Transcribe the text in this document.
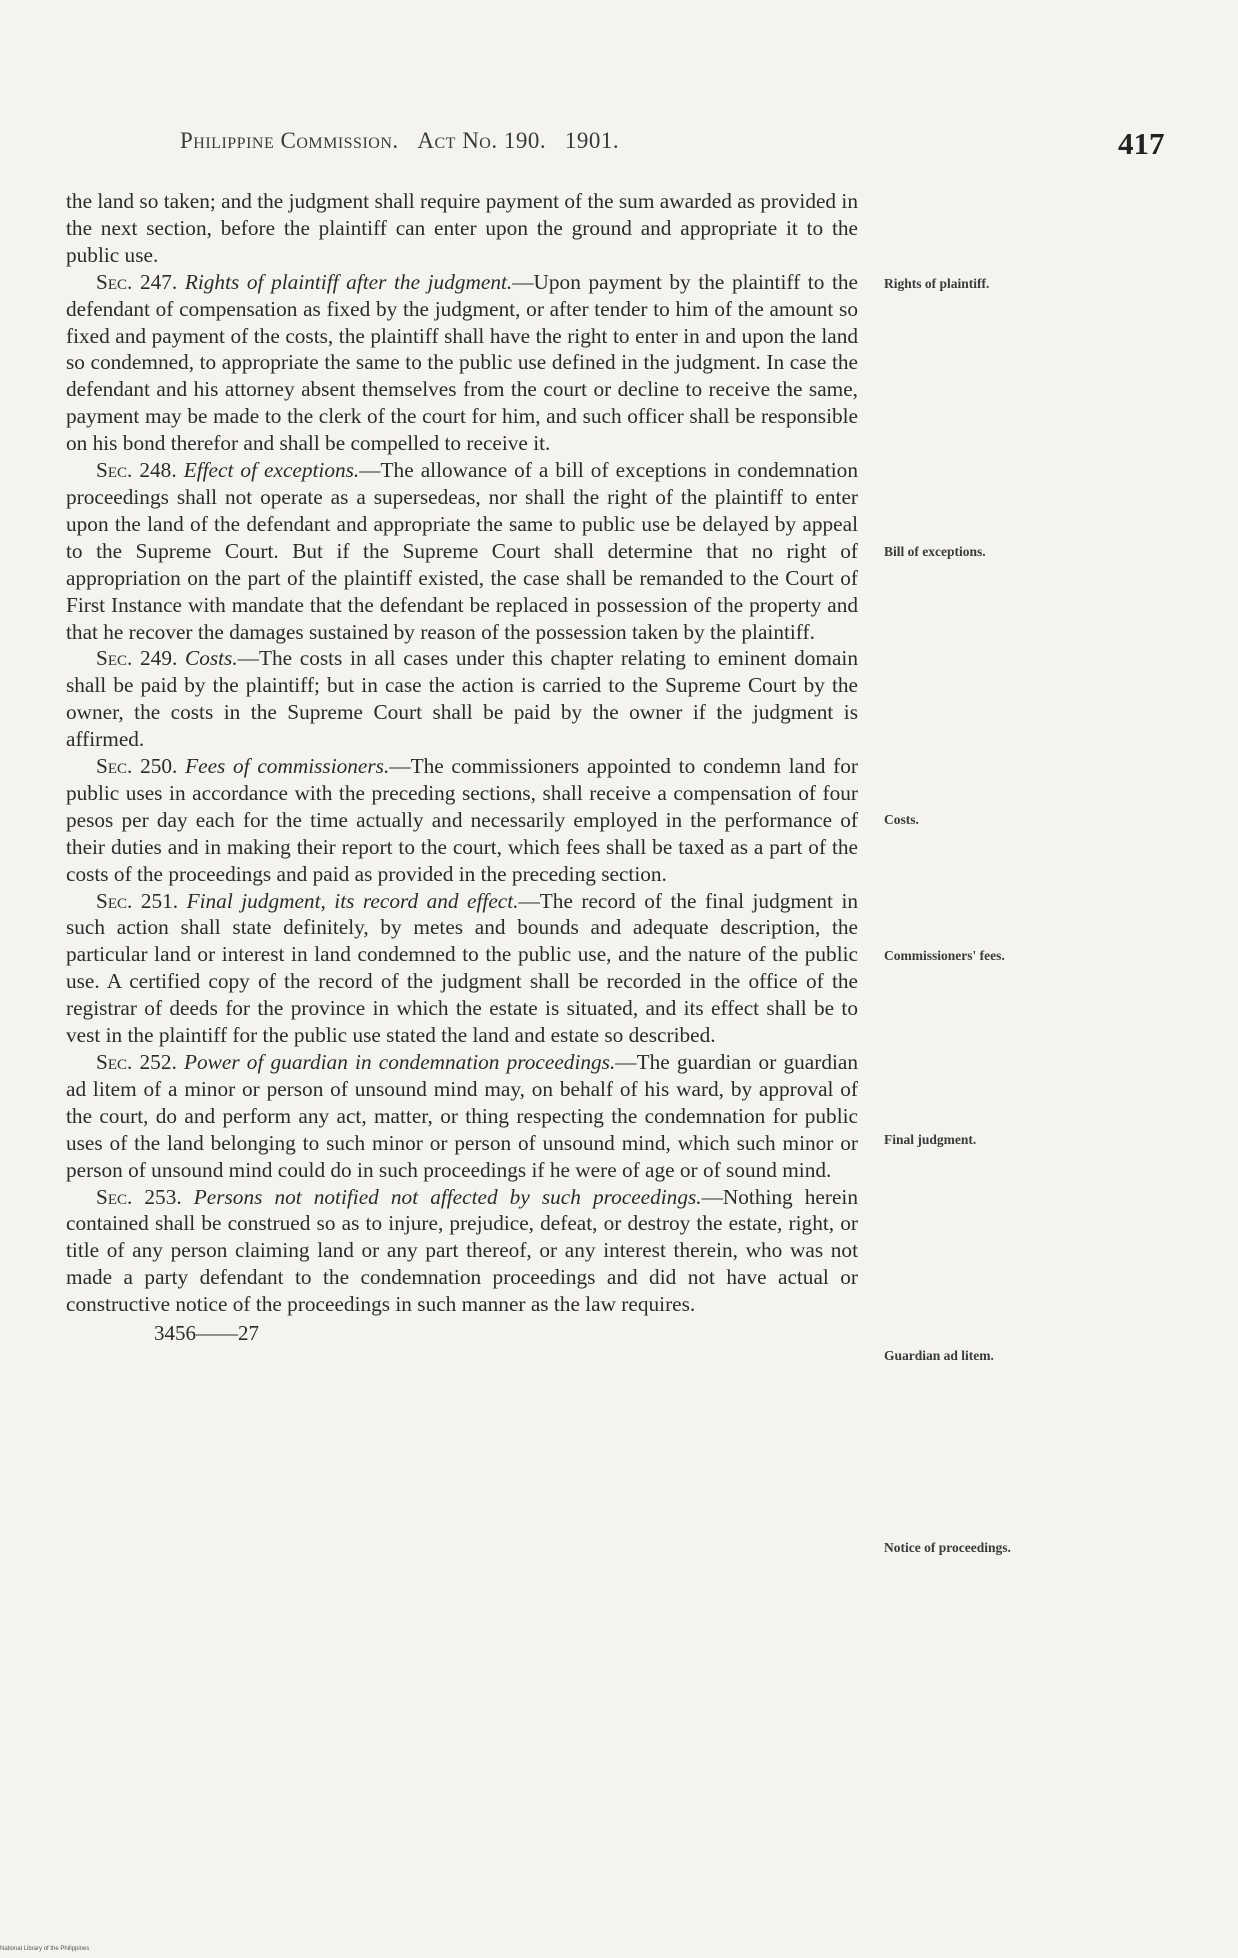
Philippine Commission. Act No. 190. 1901.	417

the land so taken; and the judgment shall require payment of the sum awarded as provided in the next section, before the plaintiff can enter upon the ground and appropriate it to the public use.

Sec. 247. Rights of plaintiff after the judgment.—Upon payment by the plaintiff to the defendant of compensation as fixed by the judgment, or after tender to him of the amount so fixed and payment of the costs, the plaintiff shall have the right to enter in and upon the land so condemned, to appropriate the same to the public use defined in the judgment. In case the defendant and his attorney absent themselves from the court or decline to receive the same, payment may be made to the clerk of the court for him, and such officer shall be responsible on his bond therefor and shall be compelled to receive it.

Sec. 248. Effect of exceptions.—The allowance of a bill of exceptions in condemnation proceedings shall not operate as a supersedeas, nor shall the right of the plaintiff to enter upon the land of the defendant and appropriate the same to public use be delayed by appeal to the Supreme Court. But if the Supreme Court shall determine that no right of appropriation on the part of the plaintiff existed, the case shall be remanded to the Court of First Instance with mandate that the defendant be replaced in possession of the property and that he recover the damages sustained by reason of the possession taken by the plaintiff.

Sec. 249. Costs.—The costs in all cases under this chapter relating to eminent domain shall be paid by the plaintiff; but in case the action is carried to the Supreme Court by the owner, the costs in the Supreme Court shall be paid by the owner if the judgment is affirmed.

Sec. 250. Fees of commissioners.—The commissioners appointed to condemn land for public uses in accordance with the preceding sections, shall receive a compensation of four pesos per day each for the time actually and necessarily employed in the performance of their duties and in making their report to the court, which fees shall be taxed as a part of the costs of the proceedings and paid as provided in the preceding section.

Sec. 251. Final judgment, its record and effect.—The record of the final judgment in such action shall state definitely, by metes and bounds and adequate description, the particular land or interest in land condemned to the public use, and the nature of the public use. A certified copy of the record of the judgment shall be recorded in the office of the registrar of deeds for the province in which the estate is situated, and its effect shall be to vest in the plaintiff for the public use stated the land and estate so described.

Sec. 252. Power of guardian in condemnation proceedings.—The guardian or guardian ad litem of a minor or person of unsound mind may, on behalf of his ward, by approval of the court, do and perform any act, matter, or thing respecting the condemnation for public uses of the land belonging to such minor or person of unsound mind, which such minor or person of unsound mind could do in such proceedings if he were of age or of sound mind.

Sec. 253. Persons not notified not affected by such proceedings.—Nothing herein contained shall be construed so as to injure, prejudice, defeat, or destroy the estate, right, or title of any person claiming land or any part thereof, or any interest therein, who was not made a party defendant to the condemnation proceedings and did not have actual or constructive notice of the proceedings in such manner as the law requires.

3456——27

Rights of plaintiff.
Bill of exceptions.
Costs.
Commissioners' fees.
Final judgment.
Guardian ad litem.
Notice of proceedings.
National Library of the Philippines
